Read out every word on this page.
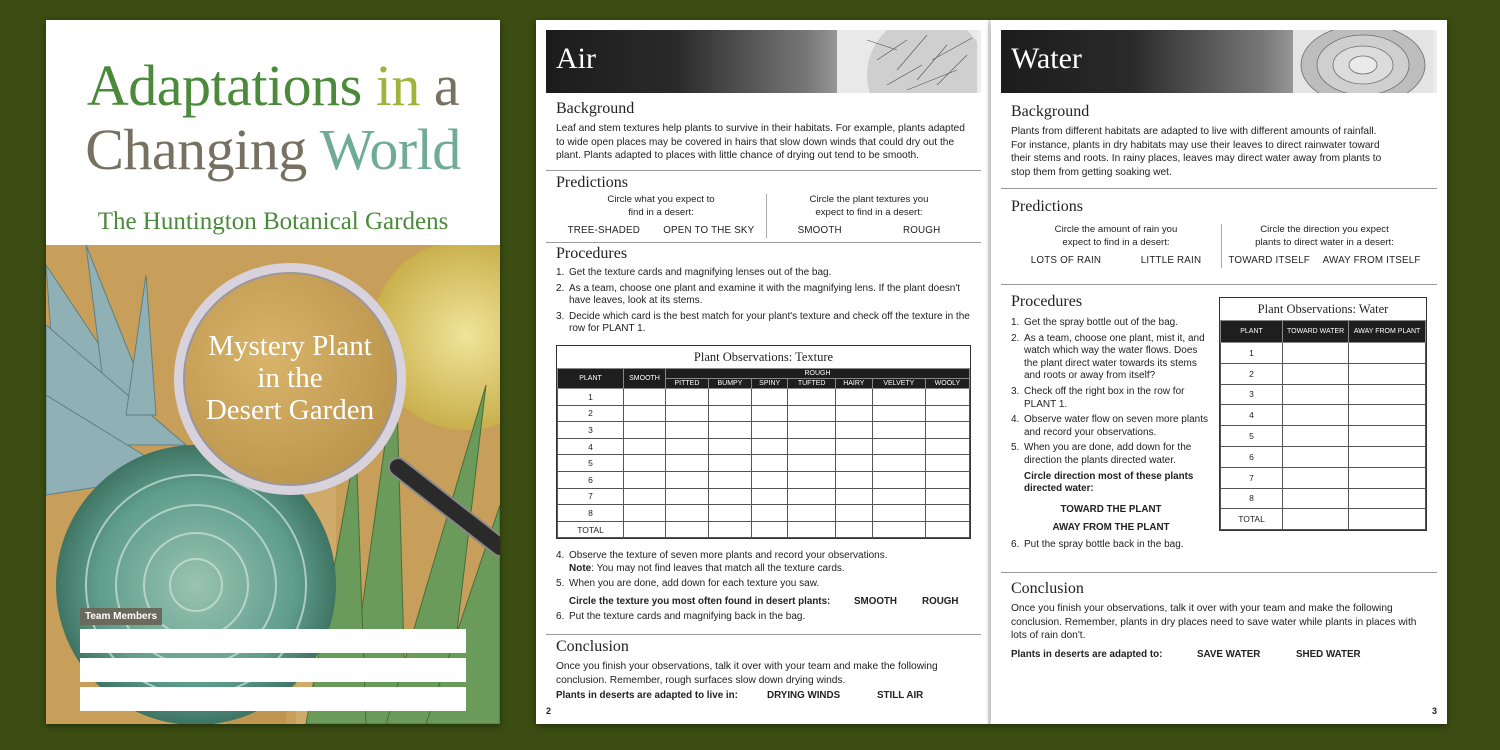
Adaptations in a
Changing World
The Huntington Botanical Gardens
Mystery Plant
in the
Desert Garden
Team Members
Air
Background
Leaf and stem textures help plants to survive in their habitats. For example, plants adapted to wide open places may be covered in hairs that slow down winds that could dry out the plant. Plants adapted to places with little chance of drying out tend to be smooth.
Predictions
Circle what you expect to find in a desert:
TREE-SHADED OPEN TO THE SKY
Circle the plant textures you expect to find in a desert:
SMOOTH	ROUGH
Procedures
1. Get the texture cards and magnifying lenses out of the bag.
2. As a team, choose one plant and examine it with the magnifying lens. If the plant doesn't have leaves, look at its stems.
3. Decide which card is the best match for your plant's texture and check off the texture in the row for PLANT 1.
Plant Observations: Texture
PLANT	SMOOTH	ROUGH						
		PITTED	BUMPY	SPINY	TUFTED	HAIRY	VELVETY	WOOLY
1								
2								
3								
4								
5								
6								
7								
8								
TOTAL								
4. Observe the texture of seven more plants and record your observations.
Note: You may not find leaves that match all the texture cards.
5. When you are done, add down for each texture you saw.
Circle the texture you most often found in desert plants:	SMOOTH	ROUGH
6. Put the texture cards and magnifying back in the bag.
Conclusion
Once you finish your observations, talk it over with your team and make the following conclusion. Remember, rough surfaces slow down drying winds.
Plants in deserts are adapted to live in:	DRYING WINDS	STILL AIR
2
Water
Background
Plants from different habitats are adapted to live with different amounts of rainfall. For instance, plants in dry habitats may use their leaves to direct rainwater toward their stems and roots. In rainy places, leaves may direct water away from plants to stop them from getting soaking wet.
Predictions
Circle the amount of rain you expect to find in a desert:
LOTS OF RAIN	LITTLE RAIN
Circle the direction you expect plants to direct water in a desert:
TOWARD ITSELF AWAY FROM ITSELF
Procedures
1. Get the spray bottle out of the bag.
2. As a team, choose one plant, mist it, and watch which way the water flows. Does the plant direct water towards its stems and roots or away from itself?
3. Check off the right box in the row for PLANT 1.
4. Observe water flow on seven more plants and record your observations.
5. When you are done, add down for the direction the plants directed water.
Circle direction most of these plants directed water:
TOWARD THE PLANT
AWAY FROM THE PLANT
6. Put the spray bottle back in the bag.
Plant Observations: Water
PLANT	TOWARD WATER	AWAY FROM PLANT
1		
2		
3		
4		
5		
6		
7		
8		
TOTAL		
Conclusion
Once you finish your observations, talk it over with your team and make the following conclusion. Remember, plants in dry places need to save water while plants in places with lots of rain don't.
Plants in deserts are adapted to:	SAVE WATER	SHED WATER
3
